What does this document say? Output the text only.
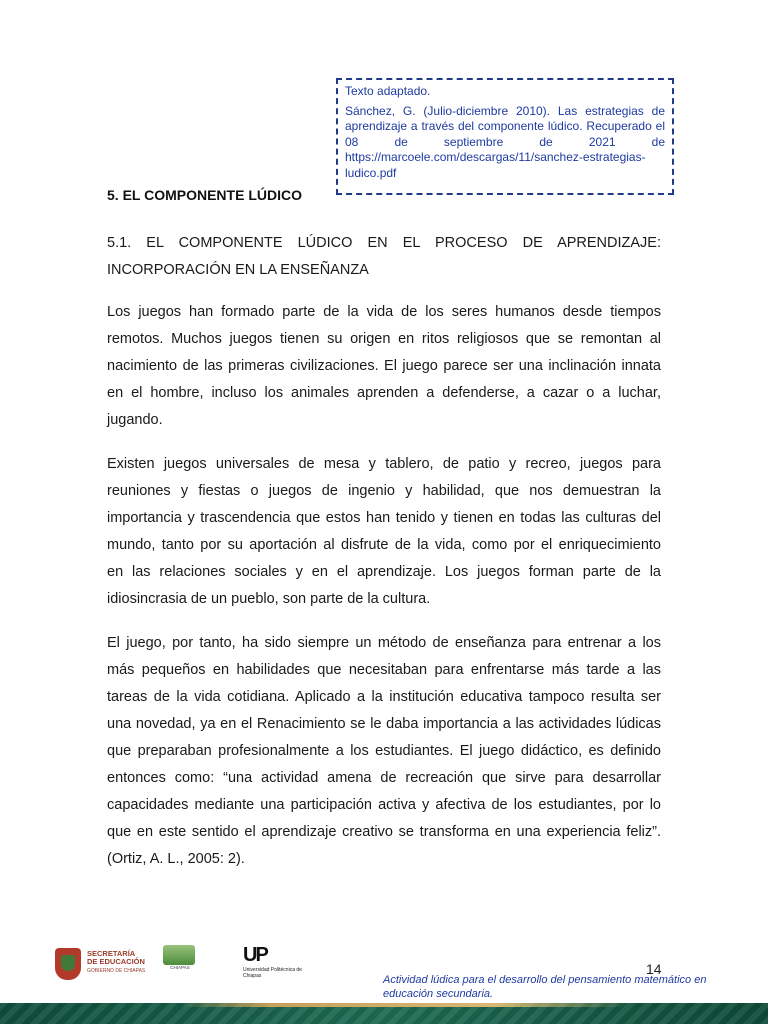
Texto adaptado.
Sánchez, G. (Julio-diciembre 2010). Las estrategias de
aprendizaje a través del componente lúdico. Recuperado el
08 de septiembre de 2021 de
https://marcoele.com/descargas/11/sanchez-estrategias-
ludico.pdf
5. EL COMPONENTE LÚDICO
5.1. EL COMPONENTE LÚDICO EN EL PROCESO DE APRENDIZAJE:
INCORPORACIÓN EN LA ENSEÑANZA
Los juegos han formado parte de la vida de los seres humanos desde tiempos
remotos. Muchos juegos tienen su origen en ritos religiosos que se remontan al
nacimiento de las primeras civilizaciones. El juego parece ser una inclinación innata
en el hombre, incluso los animales aprenden a defenderse, a cazar o a luchar,
jugando.
Existen juegos universales de mesa y tablero, de patio y recreo, juegos para
reuniones y fiestas o juegos de ingenio y habilidad, que nos demuestran la
importancia y trascendencia que estos han tenido y tienen en todas las culturas del
mundo, tanto por su aportación al disfrute de la vida, como por el enriquecimiento
en las relaciones sociales y en el aprendizaje. Los juegos forman parte de la
idiosincrasia de un pueblo, son parte de la cultura.
El juego, por tanto, ha sido siempre un método de enseñanza para entrenar a los
más pequeños en habilidades que necesitaban para enfrentarse más tarde a las
tareas de la vida cotidiana. Aplicado a la institución educativa tampoco resulta ser
una novedad, ya en el Renacimiento se le daba importancia a las actividades lúdicas
que preparaban profesionalmente a los estudiantes. El juego didáctico, es definido
entonces como: “una actividad amena de recreación que sirve para desarrollar
capacidades mediante una participación activa y afectiva de los estudiantes, por lo
que en este sentido el aprendizaje creativo se transforma en una experiencia feliz”.
(Ortiz, A. L., 2005: 2).
SECRETARÍA
DE EDUCACIÓN
GOBIERNO DE CHIAPAS
CHIAPAS
UP
Universidad Politécnica de Chiapas	14
Actividad lúdica para el desarrollo del pensamiento matemático en
educación secundaria.
